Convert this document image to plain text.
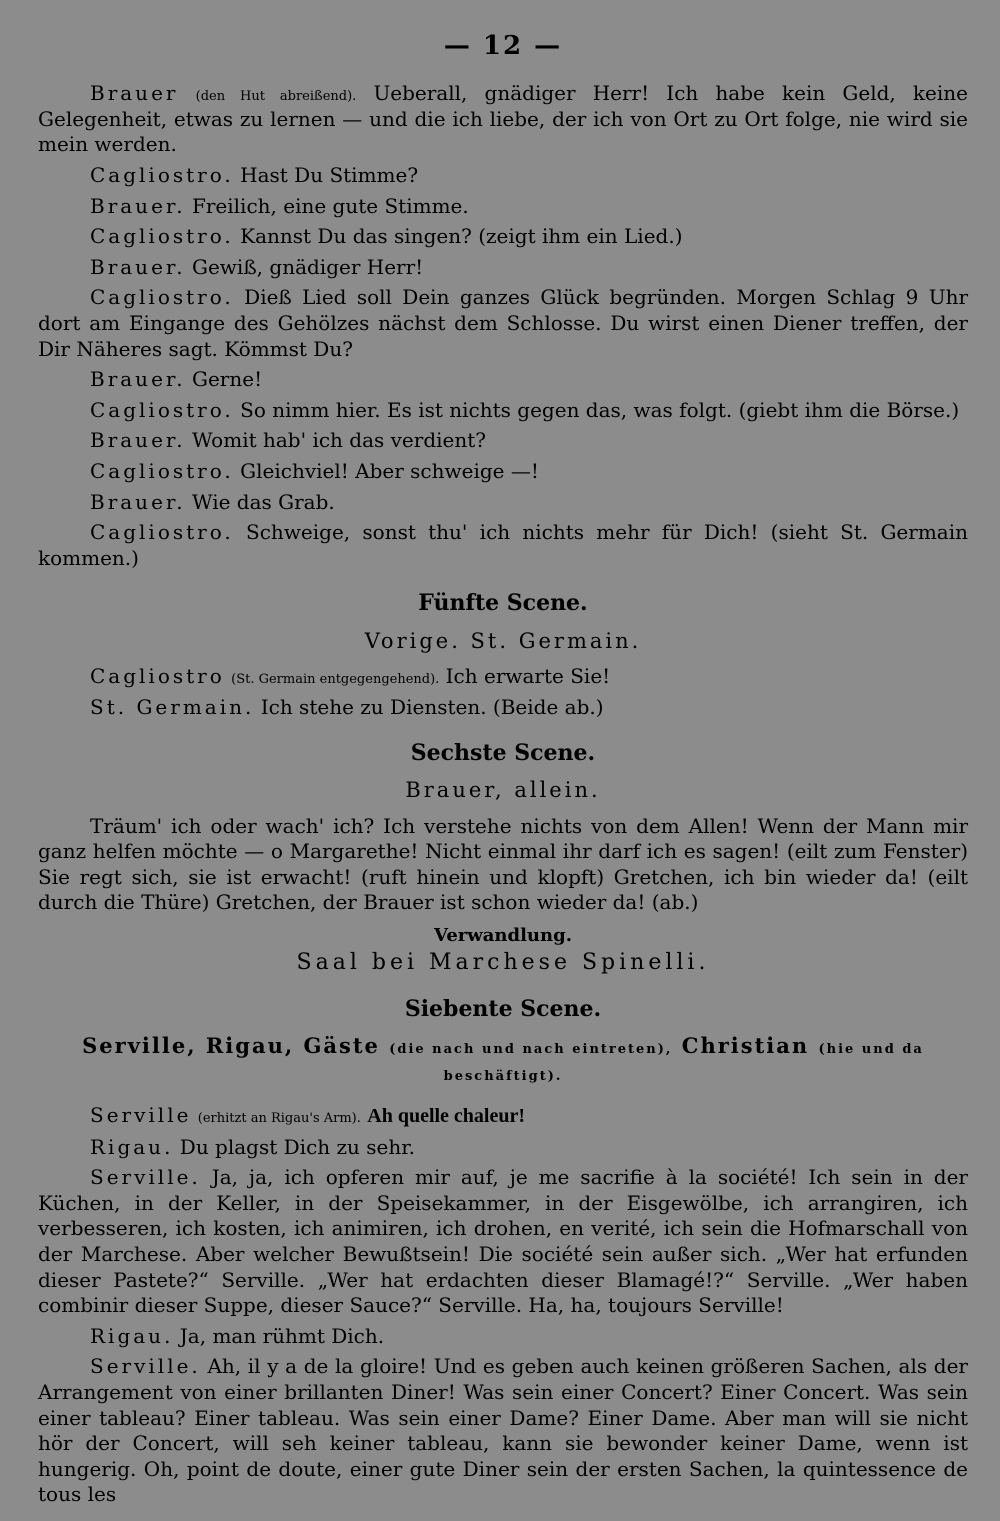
— 12 —

Brauer (den Hut abreißend). Ueberall, gnädiger Herr! Ich habe kein Geld, keine Gelegenheit, etwas zu lernen — und die ich liebe, der ich von Ort zu Ort folge, nie wird sie mein werden.

Cagliostro. Hast Du Stimme?

Brauer. Freilich, eine gute Stimme.

Cagliostro. Kannst Du das singen? (zeigt ihm ein Lied.)

Brauer. Gewiß, gnädiger Herr!

Cagliostro. Dieß Lied soll Dein ganzes Glück begründen. Morgen Schlag 9 Uhr dort am Eingange des Gehölzes nächst dem Schlosse. Du wirst einen Diener treffen, der Dir Näheres sagt. Kömmst Du?

Brauer. Gerne!

Cagliostro. So nimm hier. Es ist nichts gegen das, was folgt. (giebt ihm die Börse.)

Brauer. Womit hab' ich das verdient?

Cagliostro. Gleichviel! Aber schweige —!

Brauer. Wie das Grab.

Cagliostro. Schweige, sonst thu' ich nichts mehr für Dich! (sieht St. Germain kommen.)

Fünfte Scene.
Vorige. St. Germain.

Cagliostro (St. Germain entgegengehend). Ich erwarte Sie!

St. Germain. Ich stehe zu Diensten. (Beide ab.)

Sechste Scene.
Brauer, allein.

Träum' ich oder wach' ich? Ich verstehe nichts von dem Allen! Wenn der Mann mir ganz helfen möchte — o Margarethe! Nicht einmal ihr darf ich es sagen! (eilt zum Fenster) Sie regt sich, sie ist erwacht! (ruft hinein und klopft) Gretchen, ich bin wieder da! (eilt durch die Thüre) Gretchen, der Brauer ist schon wieder da! (ab.)

Verwandlung.
Saal bei Marchese Spinelli.
Siebente Scene.
Serville, Rigau, Gäste (die nach und nach eintreten), Christian (hie und da beschäftigt).

Serville (erhitzt an Rigau's Arm). Ah quelle chaleur!

Rigau. Du plagst Dich zu sehr.

Serville. Ja, ja, ich opferen mir auf, je me sacrifie à la société! Ich sein in der Küchen, in der Keller, in der Speisekammer, in der Eisgewölbe, ich arrangiren, ich verbesseren, ich kosten, ich animiren, ich drohen, en verité, ich sein die Hofmarschall von der Marchese. Aber welcher Bewußtsein! Die société sein außer sich. „Wer hat erfunden dieser Pastete?“ Serville. „Wer hat erdachten dieser Blamagé!?“ Serville. „Wer haben combinir dieser Suppe, dieser Sauce?“ Serville. Ha, ha, toujours Serville!

Rigau. Ja, man rühmt Dich.

Serville. Ah, il y a de la gloire! Und es geben auch keinen größeren Sachen, als der Arrangement von einer brillanten Diner! Was sein einer Concert? Einer Concert. Was sein einer tableau? Einer tableau. Was sein einer Dame? Einer Dame. Aber man will sie nicht hör der Concert, will seh keiner tableau, kann sie bewonder keiner Dame, wenn ist hungerig. Oh, point de doute, einer gute Diner sein der ersten Sachen, la quintessence de tous les
